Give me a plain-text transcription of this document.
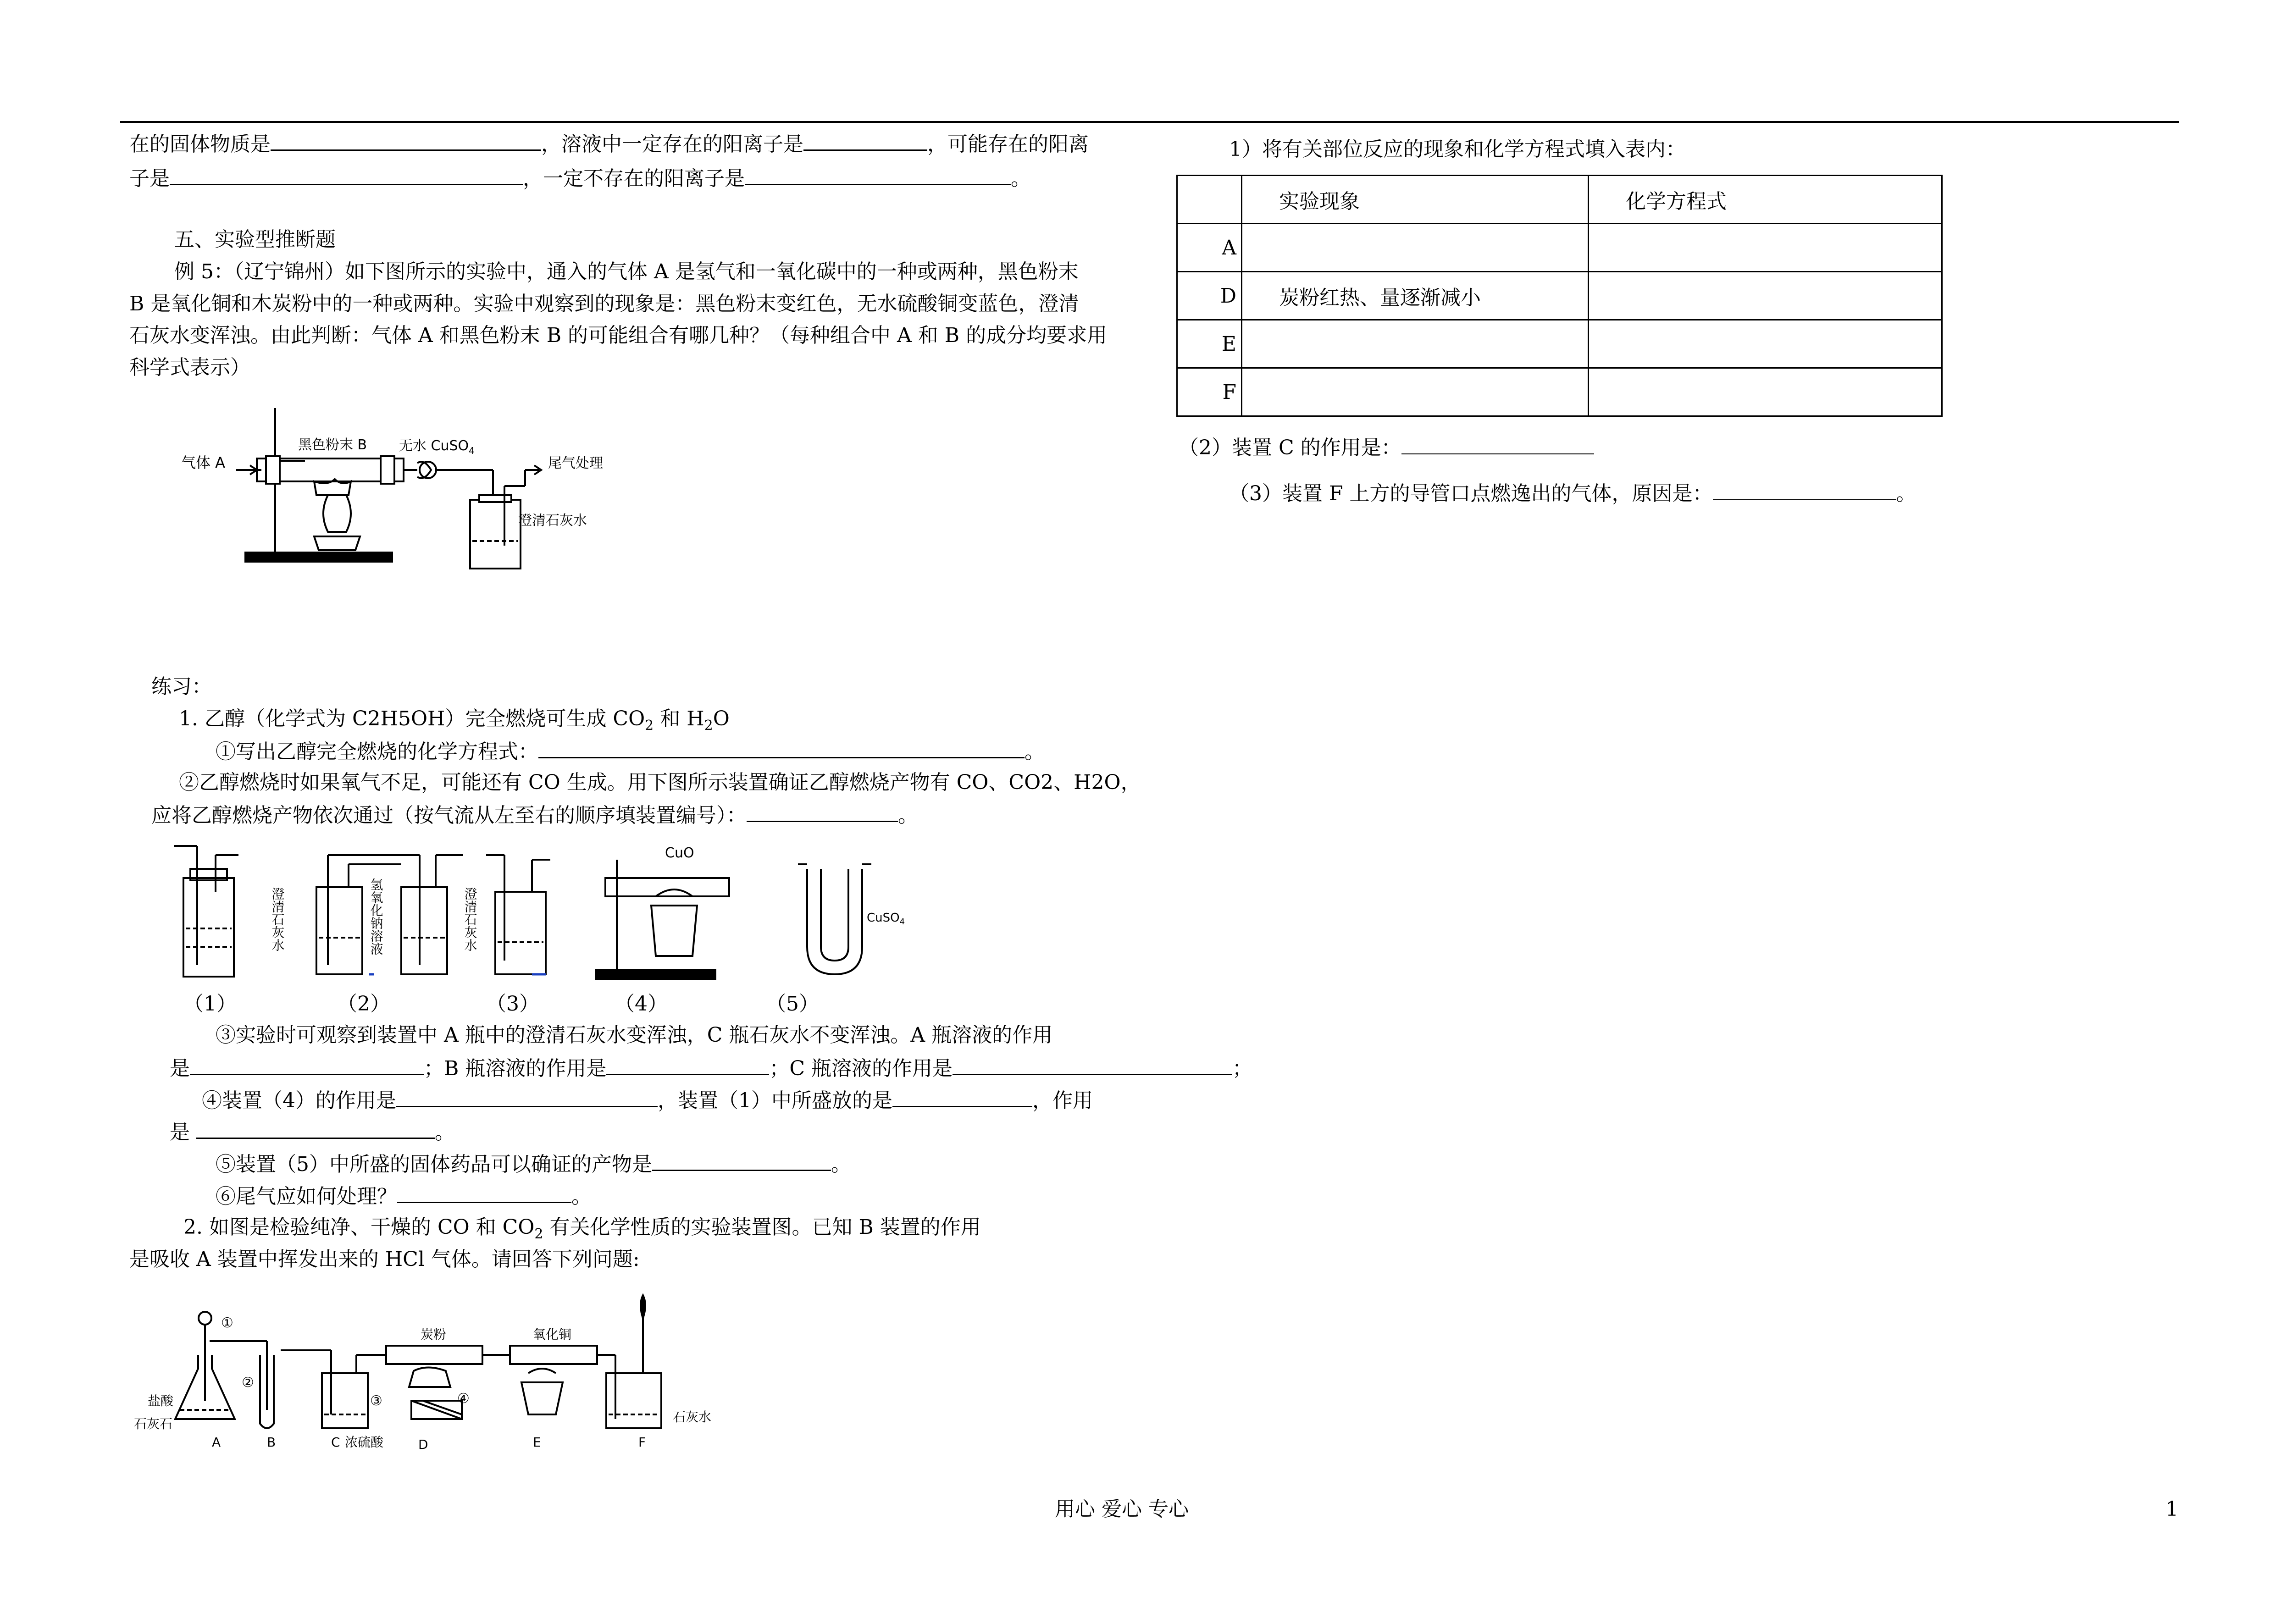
在的固体物质是	，溶液中一定存在的阳离子是	，可能存在的阳离
子是	，一定不存在的阳离子是	。
五、实验型推断题
例 5：（辽宁锦州）如下图所示的实验中，通入的气体 A 是氢气和一氧化碳中的一种或两种，黑色粉末
B 是氧化铜和木炭粉中的一种或两种。实验中观察到的现象是：黑色粉末变红色，无水硫酸铜变蓝色，澄清
石灰水变浑浊。由此判断：气体 A 和黑色粉末 B 的可能组合有哪几种？（每种组合中 A 和 B 的成分均要求用
科学式表示）
气体 A
黑色粉末 B 无水 CuSO$_4$
尾气处理
澄清石灰水
练习：
1. 乙醇（化学式为 C2H5OH）完全燃烧可生成 $CO_2$ 和 $H_2O$
①写出乙醇完全燃烧的化学方程式：	。
②乙醇燃烧时如果氧气不足，可能还有 CO 生成。用下图所示装置确证乙醇燃烧产物有 CO、CO2、H2O，
应将乙醇燃烧产物依次通过（按气流从左至右的顺序填装置编号）：	。
澄清石灰水	氢氧化钠溶液	澄清石灰水
CuO
CuSO$_4$
（1）	（2）	（3）	（4）	（5）
③实验时可观察到装置中 A 瓶中的澄清石灰水变浑浊，C 瓶石灰水不变浑浊。A 瓶溶液的作用
是	；B 瓶溶液的作用是	；C 瓶溶液的作用是	；
④装置（4）的作用是	，装置（1）中所盛放的是	，作用
是	。
⑤装置（5）中所盛的固体药品可以确证的产物是	。
⑥尾气应如何处理？	。
2. 如图是检验纯净、干燥的 CO 和 $CO_2$ 有关化学性质的实验装置图。已知 B 装置的作用
是吸收 A 装置中挥发出来的 HCl 气体。请回答下列问题:
①
②
③	④
盐酸
石灰石
炭粉	氧化铜
浓硫酸
石灰水
A	B	C	D	E	F
1）将有关部位反应的现象和化学方程式填入表内：
	实验现象	化学方程式
A		
D	炭粉红热、量逐渐减小	
E		
F		
（2）装置 C 的作用是：
（3）装置 F 上方的导管口点燃逸出的气体，原因是：	。
用心 爱心 专心	1
